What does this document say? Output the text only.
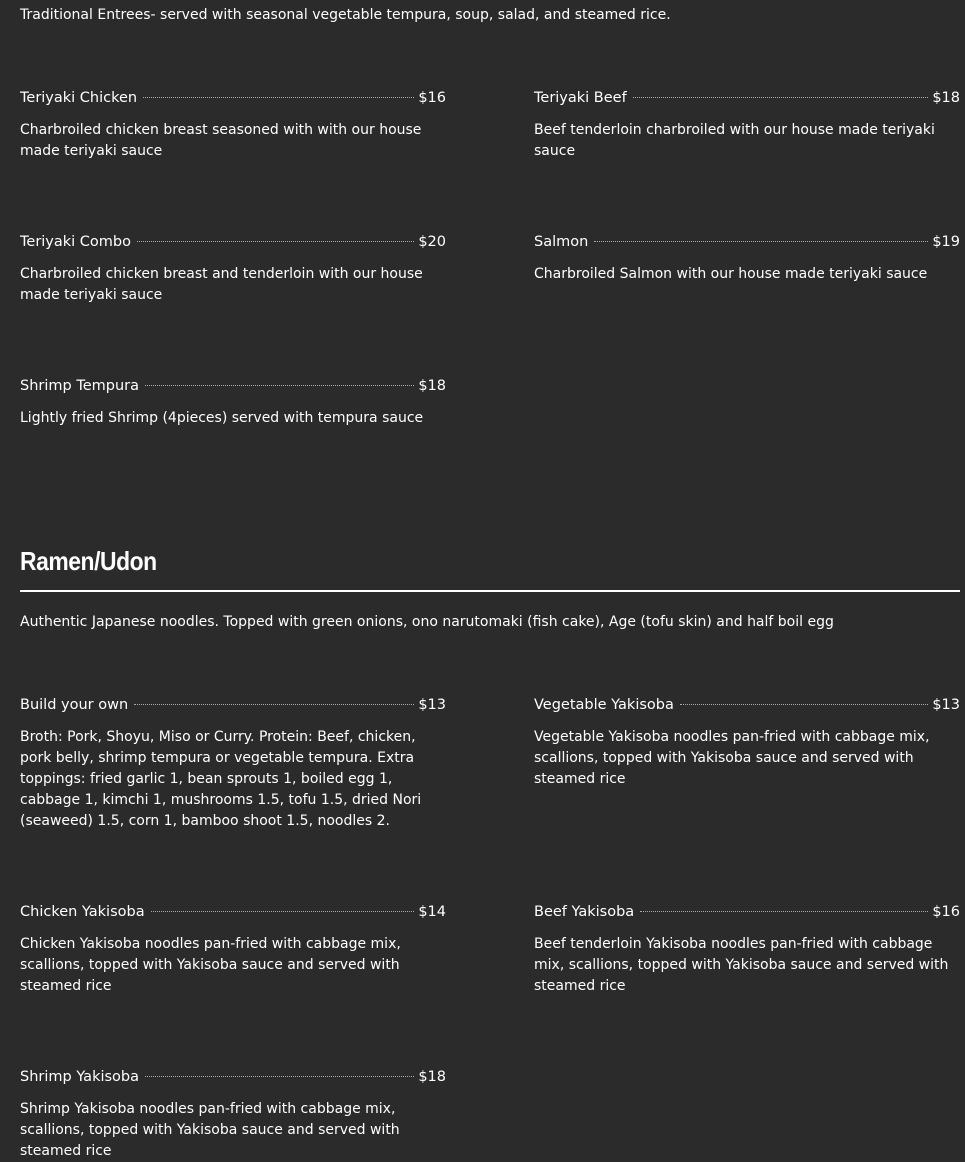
Traditional Entrees- served with seasonal vegetable tempura, soup, salad, and steamed rice.

Teriyaki Chicken	$16
Charbroiled chicken breast seasoned with with our house made teriyaki sauce
Teriyaki Beef	$18
Beef tenderloin charbroiled with our house made teriyaki sauce
Teriyaki Combo	$20
Charbroiled chicken breast and tenderloin with our house made teriyaki sauce
Salmon	$19
Charbroiled Salmon with our house made teriyaki sauce
Shrimp Tempura	$18
Lightly fried Shrimp (4pieces) served with tempura sauce
Ramen/Udon

Authentic Japanese noodles. Topped with green onions, ono narutomaki (fish cake), Age (tofu skin) and half boil egg

Build your own	$13
Broth: Pork, Shoyu, Miso or Curry. Protein: Beef, chicken, pork belly, shrimp tempura or vegetable tempura. Extra toppings: fried garlic 1, bean sprouts 1, boiled egg 1, cabbage 1, kimchi 1, mushrooms 1.5, tofu 1.5, dried Nori (seaweed) 1.5, corn 1, bamboo shoot 1.5, noodles 2.
Vegetable Yakisoba	$13
Vegetable Yakisoba noodles pan-fried with cabbage mix, scallions, topped with Yakisoba sauce and served with steamed rice
Chicken Yakisoba	$14
Chicken Yakisoba noodles pan-fried with cabbage mix, scallions, topped with Yakisoba sauce and served with steamed rice
Beef Yakisoba	$16
Beef tenderloin Yakisoba noodles pan-fried with cabbage mix, scallions, topped with Yakisoba sauce and served with steamed rice
Shrimp Yakisoba	$18
Shrimp Yakisoba noodles pan-fried with cabbage mix, scallions, topped with Yakisoba sauce and served with steamed rice
